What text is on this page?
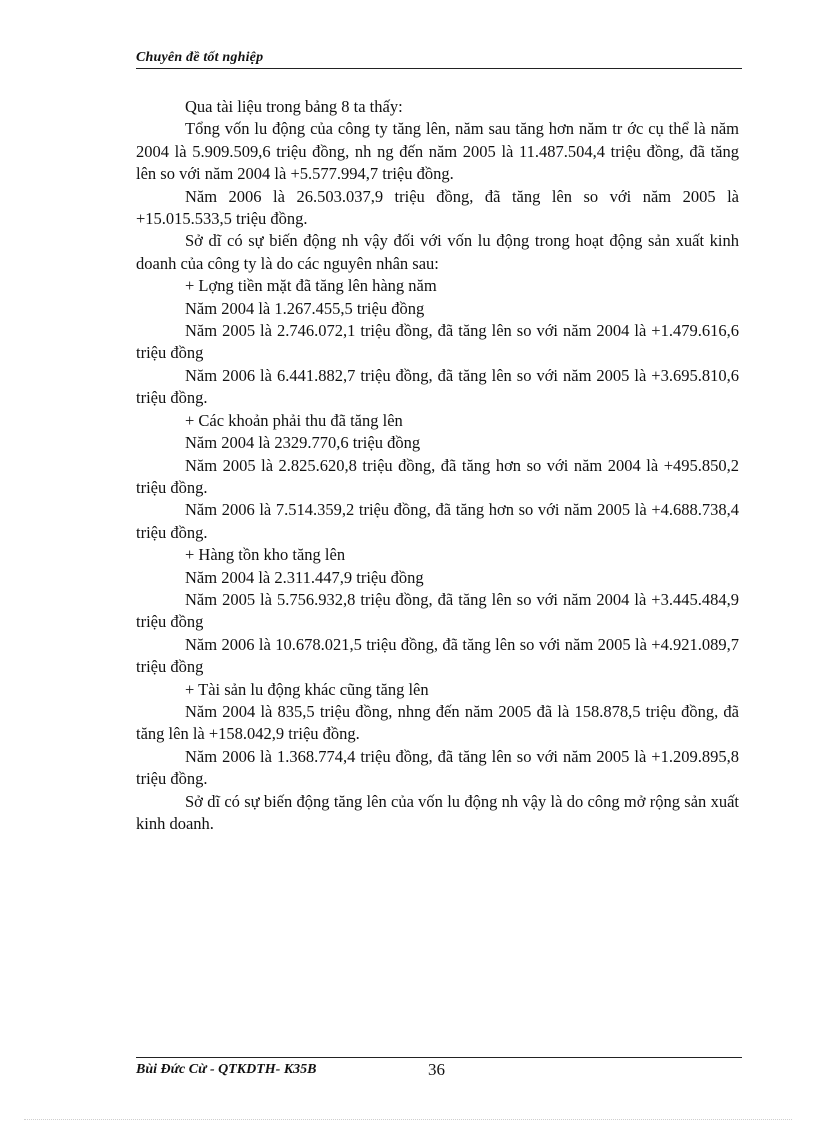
Chuyên đề tốt nghiệp

Qua tài liệu trong bảng 8 ta thấy:

Tổng vốn lu động của công ty tăng lên, năm sau tăng hơn năm tr ớc cụ thể là năm 2004 là 5.909.509,6 triệu đồng, nh ng đến năm 2005 là 11.487.504,4 triệu đồng, đã tăng lên so với năm 2004 là +5.577.994,7 triệu đồng.

Năm 2006 là 26.503.037,9 triệu đồng, đã tăng lên so với năm 2005 là +15.015.533,5 triệu đồng.

Sở dĩ có sự biến động nh vậy đối với vốn lu động trong hoạt động sản xuất kinh doanh của công ty là do các nguyên nhân sau:

+ Lợng tiền mặt đã tăng lên hàng năm

Năm 2004 là 1.267.455,5 triệu đồng

Năm 2005 là 2.746.072,1 triệu đồng, đã tăng lên so với năm 2004 là +1.479.616,6 triệu đồng

Năm 2006 là 6.441.882,7 triệu đồng, đã tăng lên so với năm 2005 là +3.695.810,6 triệu đồng.

+ Các khoản phải thu đã tăng lên

Năm 2004 là 2329.770,6 triệu đồng

Năm 2005 là 2.825.620,8 triệu đồng, đã tăng hơn so với năm 2004 là +495.850,2 triệu đồng.

Năm 2006 là 7.514.359,2 triệu đồng, đã tăng hơn so với năm 2005 là +4.688.738,4 triệu đồng.

+ Hàng tồn kho tăng lên

Năm 2004 là 2.311.447,9 triệu đồng

Năm 2005 là 5.756.932,8 triệu đồng, đã tăng lên so với năm 2004 là +3.445.484,9 triệu đồng

Năm 2006 là 10.678.021,5 triệu đồng, đã tăng lên so với năm 2005 là +4.921.089,7 triệu đồng

+ Tài sản lu động khác cũng tăng lên

Năm 2004 là 835,5 triệu đồng, nhng đến năm 2005 đã là 158.878,5 triệu đồng, đã tăng lên là +158.042,9 triệu đồng.

Năm 2006 là 1.368.774,4 triệu đồng, đã tăng lên so với năm 2005 là +1.209.895,8 triệu đồng.

Sở dĩ có sự biến động tăng lên của vốn lu động nh vậy là do công mở rộng sản xuất kinh doanh.

Bùi Đức Cừ - QTKDTH- K35B	36
